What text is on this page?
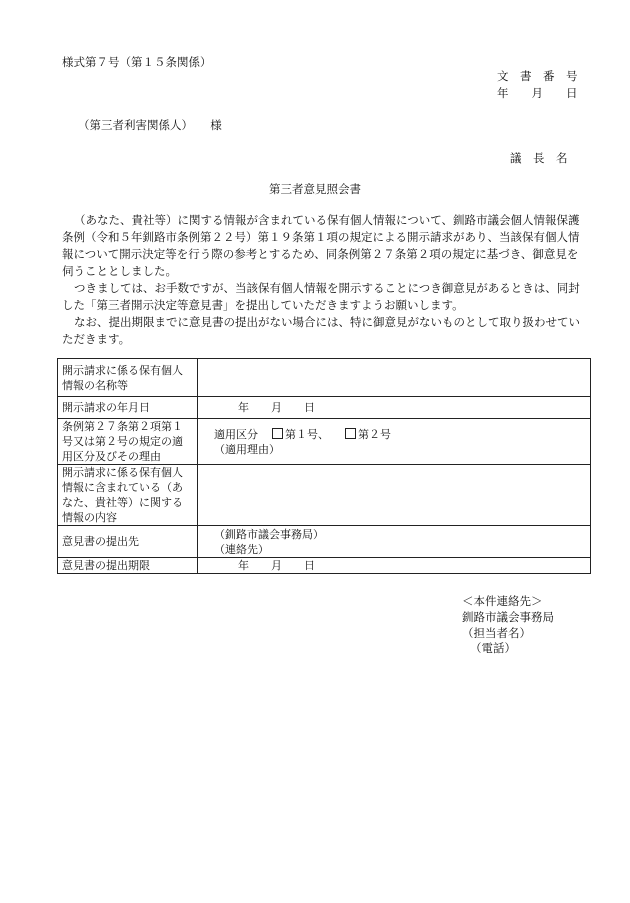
様式第７号（第１５条関係）
文　書　番　号
年　　月　　日
（第三者利害関係人）　　様
議　長　名
第三者意見照会書
（あなた、貴社等）に関する情報が含まれている保有個人情報について、釧路市議会個人情報保護条例（令和５年釧路市条例第２２号）第１９条第１項の規定による開示請求があり、当該保有個人情報について開示決定等を行う際の参考とするため、同条例第２７条第２項の規定に基づき、御意見を伺うこととしました。
つきましては、お手数ですが、当該保有個人情報を開示することにつき御意見があるときは、同封した「第三者開示決定等意見書」を提出していただきますようお願いします。
なお、提出期限までに意見書の提出がない場合には、特に御意見がないものとして取り扱わせていただきます。
開示請求に係る保有個人情報の名称等	
開示請求の年月日	年　　月　　日
条例第２７条第２項第１号又は第２号の規定の適用区分及びその理由	適用区分 第１号、 第２号
（適用理由）

開示請求に係る保有個人情報に含まれている（あなた、貴社等）に関する情報の内容	
意見書の提出先	（釧路市議会事務局）
（連絡先）

意見書の提出期限	年　　月　　日
＜本件連絡先＞
釧路市議会事務局
（担当者名）
（電話）
